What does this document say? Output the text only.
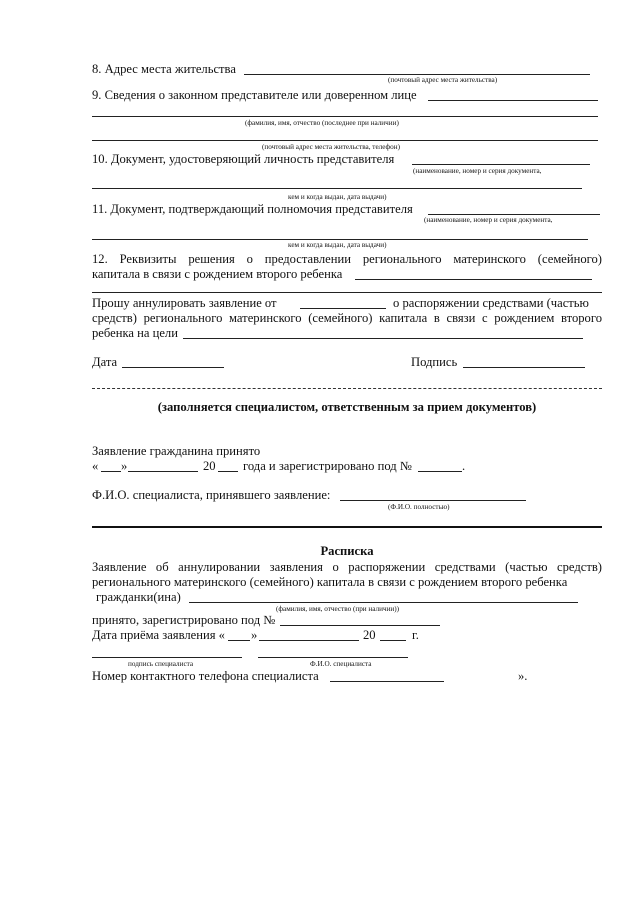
8. Адрес места жительства
(почтовый адрес места жительства)
9. Сведения о законном представителе или доверенном лице
(фамилия, имя, отчество (последнее при наличии)
(почтовый адрес места жительства, телефон)
10. Документ, удостоверяющий личность представителя
(наименование, номер и серия документа,
кем и когда выдан, дата выдачи)
11. Документ, подтверждающий полномочия представителя
(наименование, номер и серия документа,
кем и когда выдан, дата выдачи)
12. Реквизиты решения о предоставлении регионального материнского (семейного)
капитала в связи с рождением второго ребенка
Прошу аннулировать заявление от	о распоряжении средствами (частью
средств) регионального материнского (семейного) капитала в связи с рождением второго
ребенка на цели
Дата	Подпись
(заполняется специалистом, ответственным за прием документов)
Заявление гражданина принято
« »	20 года и зарегистрировано под №	.
Ф.И.О. специалиста, принявшего заявление:
(Ф.И.О. полностью)
Расписка
Заявление об аннулировании заявления о распоряжении средствами (частью средств)
регионального материнского (семейного) капитала в связи с рождением второго ребенка
гражданки(ина)
(фамилия, имя, отчество (при наличии))
принято, зарегистрировано под №
Дата приёма заявления « »	20	г.
подпись специалиста	Ф.И.О. специалиста
Номер контактного телефона специалиста	».
